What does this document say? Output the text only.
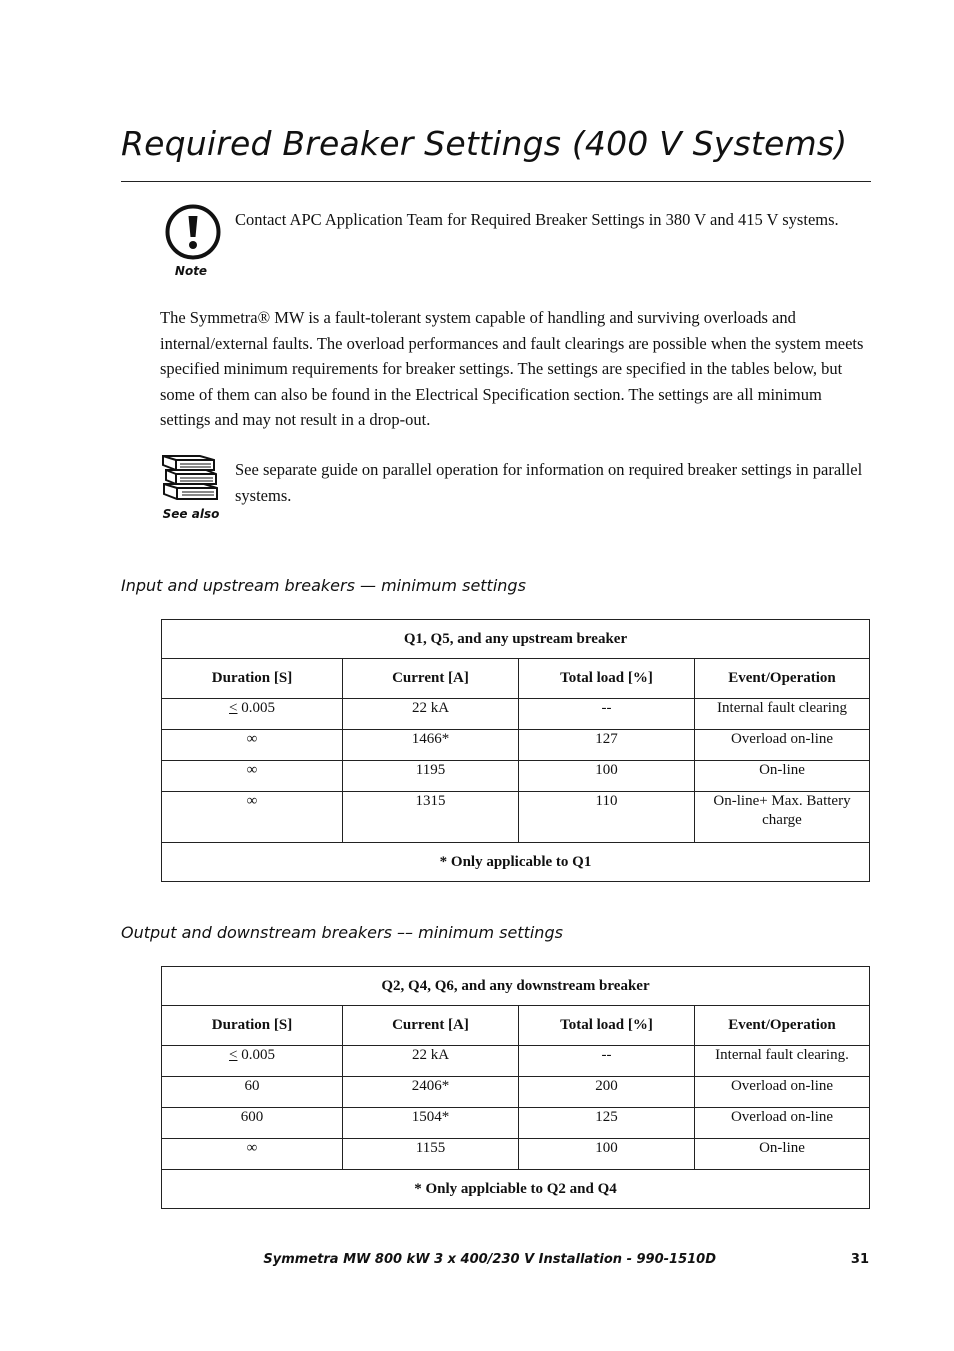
Required Breaker Settings (400 V Systems)
Note

Contact APC Application Team for Required Breaker Settings in 380 V and 415 V systems.

The Symmetra® MW is a fault-tolerant system capable of handling and surviving overloads and internal/external faults. The overload performances and fault clearings are possible when the system meets specified minimum requirements for breaker settings. The settings are specified in the tables below, but some of them can also be found in the Electrical Specification section. The settings are all minimum settings and may not result in a drop-out.

See also

See separate guide on parallel operation for information on required breaker settings in parallel systems.

Input and upstream breakers — minimum settings
Q1, Q5, and any upstream breaker			
Duration [S]	Current [A]	Total load [%]	Event/Operation
≤ 0.005	22 kA	--	Internal fault clearing
∞	1466*	127	Overload on-line
∞	1195	100	On-line
∞	1315	110	On-line+ Max. Battery charge
* Only applicable to Q1			
Output and downstream breakers –– minimum settings
Q2, Q4, Q6, and any downstream breaker			
Duration [S]	Current [A]	Total load [%]	Event/Operation
≤ 0.005	22 kA	--	Internal fault clearing.
60	2406*	200	Overload on-line
600	1504*	125	Overload on-line
∞	1155	100	On-line
* Only applciable to Q2 and Q4			
Symmetra MW 800 kW 3 x 400/230 V Installation - 990-1510D	31
